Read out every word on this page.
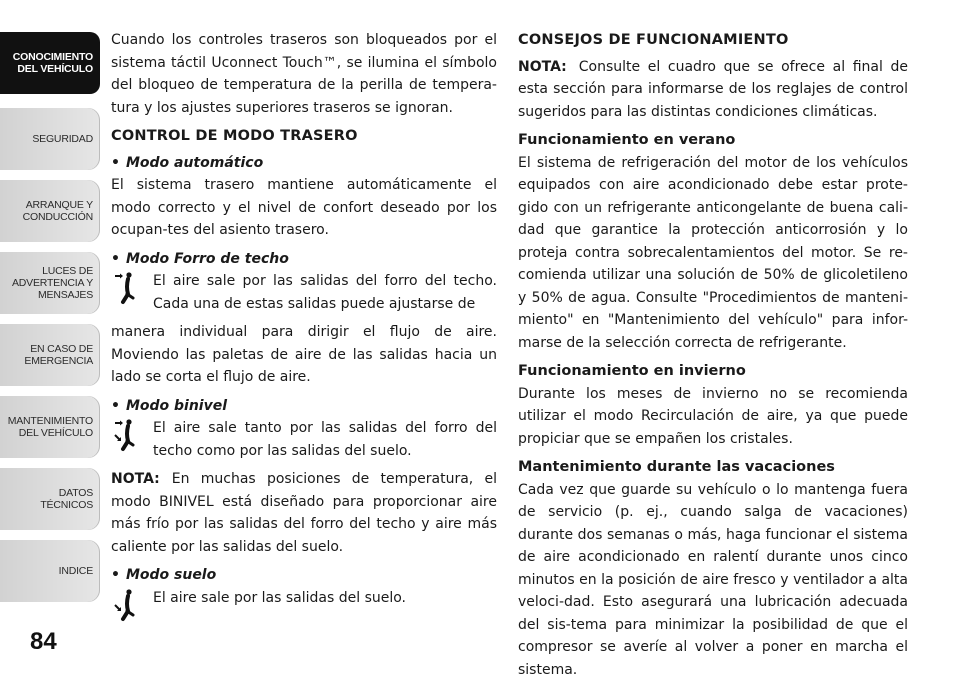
CONOCIMIENTO
DEL VEHÍCULO
SEGURIDAD
ARRANQUE Y
CONDUCCIÓN
LUCES DE
ADVERTENCIA Y
MENSAJES
EN CASO DE
EMERGENCIA
MANTENIMIENTO
DEL VEHÍCULO
DATOS
TÉCNICOS
INDICE
84

Cuando los controles traseros son bloqueados por el sistema táctil Uconnect Touch™, se ilumina el símbolo del bloqueo de temperatura de la perilla de tempera-tura y los ajustes superiores traseros se ignoran.

CONTROL DE MODO TRASERO
• Modo automático

El sistema trasero mantiene automáticamente el modo correcto y el nivel de confort deseado por los ocupan-tes del asiento trasero.

• Modo Forro de techo

El aire sale por las salidas del forro del techo. Cada una de estas salidas puede ajustarse de

manera individual para dirigir el flujo de aire. Moviendo las paletas de aire de las salidas hacia un lado se corta el flujo de aire.

• Modo binivel

El aire sale tanto por las salidas del forro del techo como por las salidas del suelo.

NOTA: En muchas posiciones de temperatura, el modo BINIVEL está diseñado para proporcionar aire más frío por las salidas del forro del techo y aire más caliente por las salidas del suelo.

• Modo suelo

El aire sale por las salidas del suelo.

CONSEJOS DE FUNCIONAMIENTO

NOTA: Consulte el cuadro que se ofrece al final de esta sección para informarse de los reglajes de control sugeridos para las distintas condiciones climáticas.

Funcionamiento en verano

El sistema de refrigeración del motor de los vehículos equipados con aire acondicionado debe estar prote-gido con un refrigerante anticongelante de buena cali-dad que garantice la protección anticorrosión y lo proteja contra sobrecalentamientos del motor. Se re-comienda utilizar una solución de 50% de glicoletileno y 50% de agua. Consulte "Procedimientos de manteni-miento" en "Mantenimiento del vehículo" para infor-marse de la selección correcta de refrigerante.

Funcionamiento en invierno

Durante los meses de invierno no se recomienda utilizar el modo Recirculación de aire, ya que puede propiciar que se empañen los cristales.

Mantenimiento durante las vacaciones

Cada vez que guarde su vehículo o lo mantenga fuera de servicio (p. ej., cuando salga de vacaciones) durante dos semanas o más, haga funcionar el sistema de aire acondicionado en ralentí durante unos cinco minutos en la posición de aire fresco y ventilador a alta veloci-dad. Esto asegurará una lubricación adecuada del sis-tema para minimizar la posibilidad de que el compresor se averíe al volver a poner en marcha el sistema.
